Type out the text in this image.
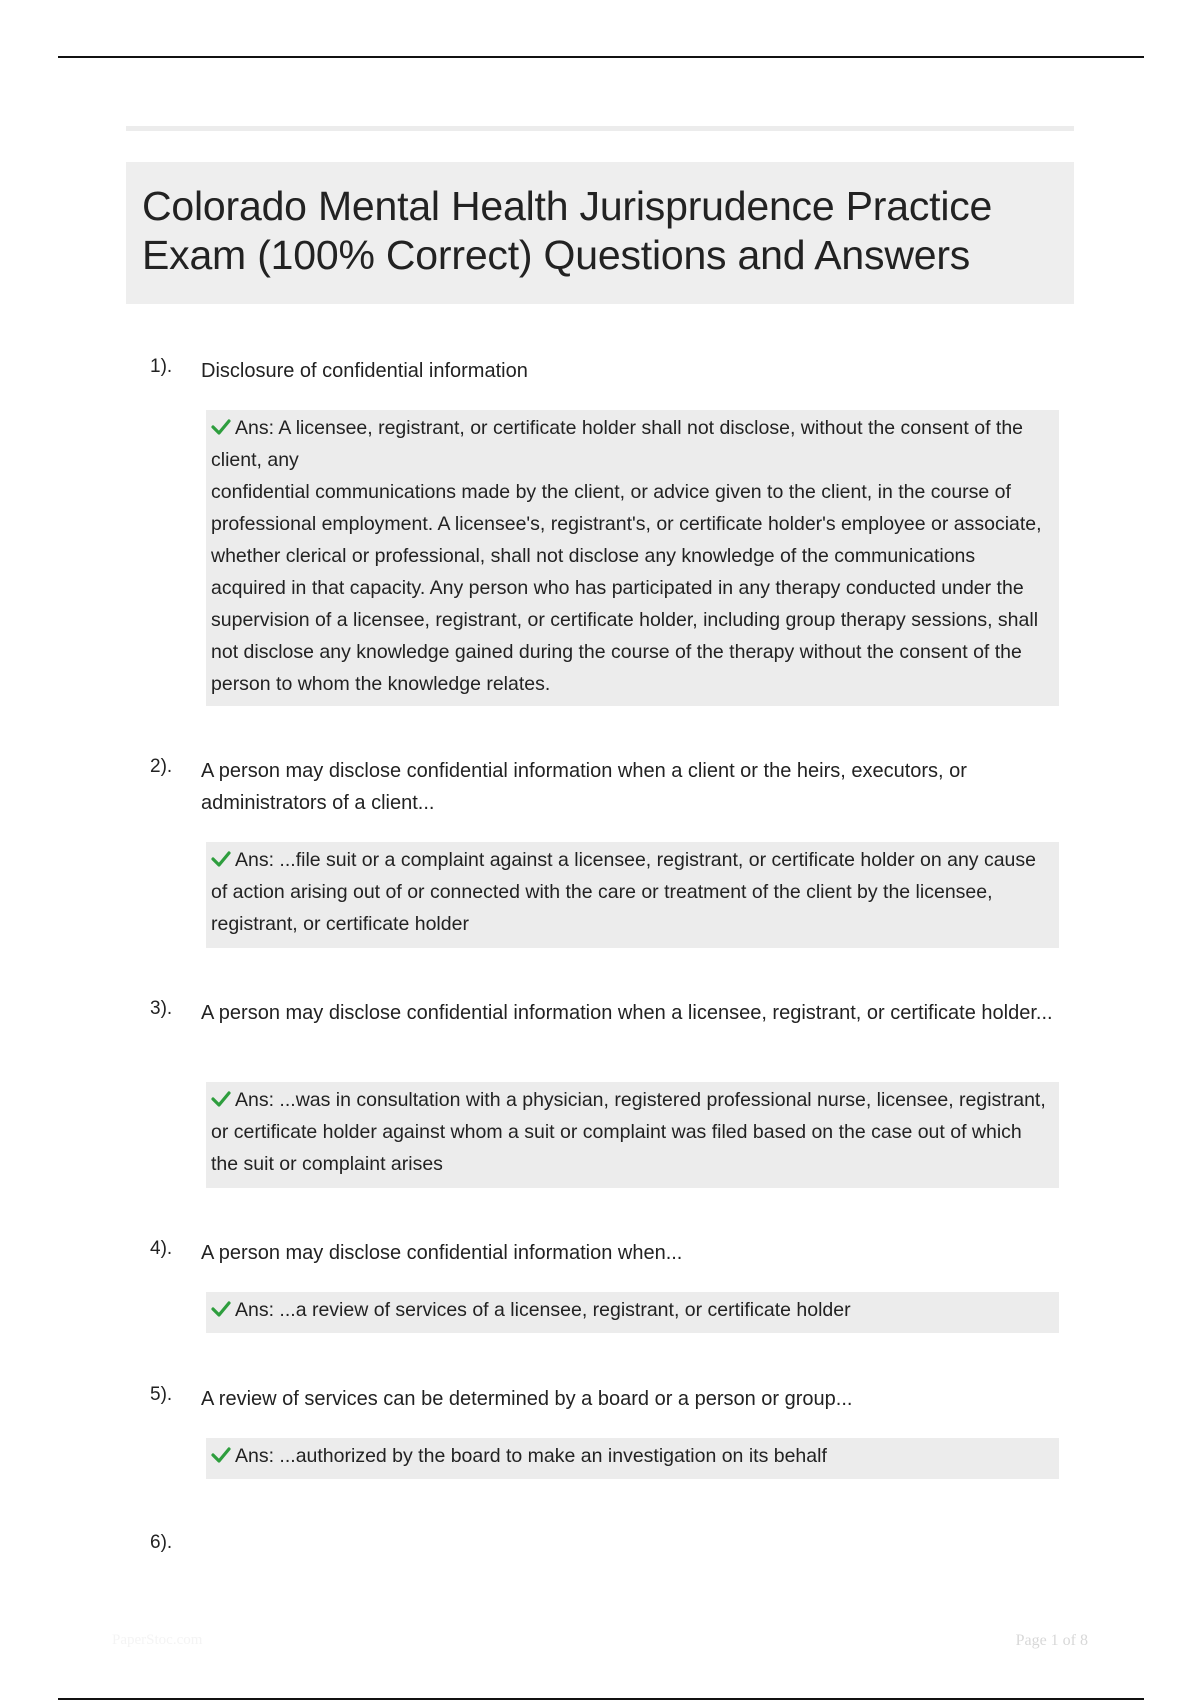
Colorado Mental Health Jurisprudence Practice Exam (100% Correct) Questions and Answers
1). Disclosure of confidential information
Ans: A licensee, registrant, or certificate holder shall not disclose, without the consent of the client, any
confidential communications made by the client, or advice given to the client, in the course of professional employment. A licensee's, registrant's, or certificate holder's employee or associate, whether clerical or professional, shall not disclose any knowledge of the communications acquired in that capacity. Any person who has participated in any therapy conducted under the supervision of a licensee, registrant, or certificate holder, including group therapy sessions, shall not disclose any knowledge gained during the course of the therapy without the consent of the person to whom the knowledge relates.
2). A person may disclose confidential information when a client or the heirs, executors, or administrators of a client...
Ans: ...file suit or a complaint against a licensee, registrant, or certificate holder on any cause of action arising out of or connected with the care or treatment of the client by the licensee, registrant, or certificate holder
3). A person may disclose confidential information when a licensee, registrant, or certificate holder...
Ans: ...was in consultation with a physician, registered professional nurse, licensee, registrant, or certificate holder against whom a suit or complaint was filed based on the case out of which the suit or complaint arises
4). A person may disclose confidential information when...
Ans: ...a review of services of a licensee, registrant, or certificate holder
5). A review of services can be determined by a board or a person or group...
Ans: ...authorized by the board to make an investigation on its behalf
6).
PaperStoc.com	Page 1 of 8
